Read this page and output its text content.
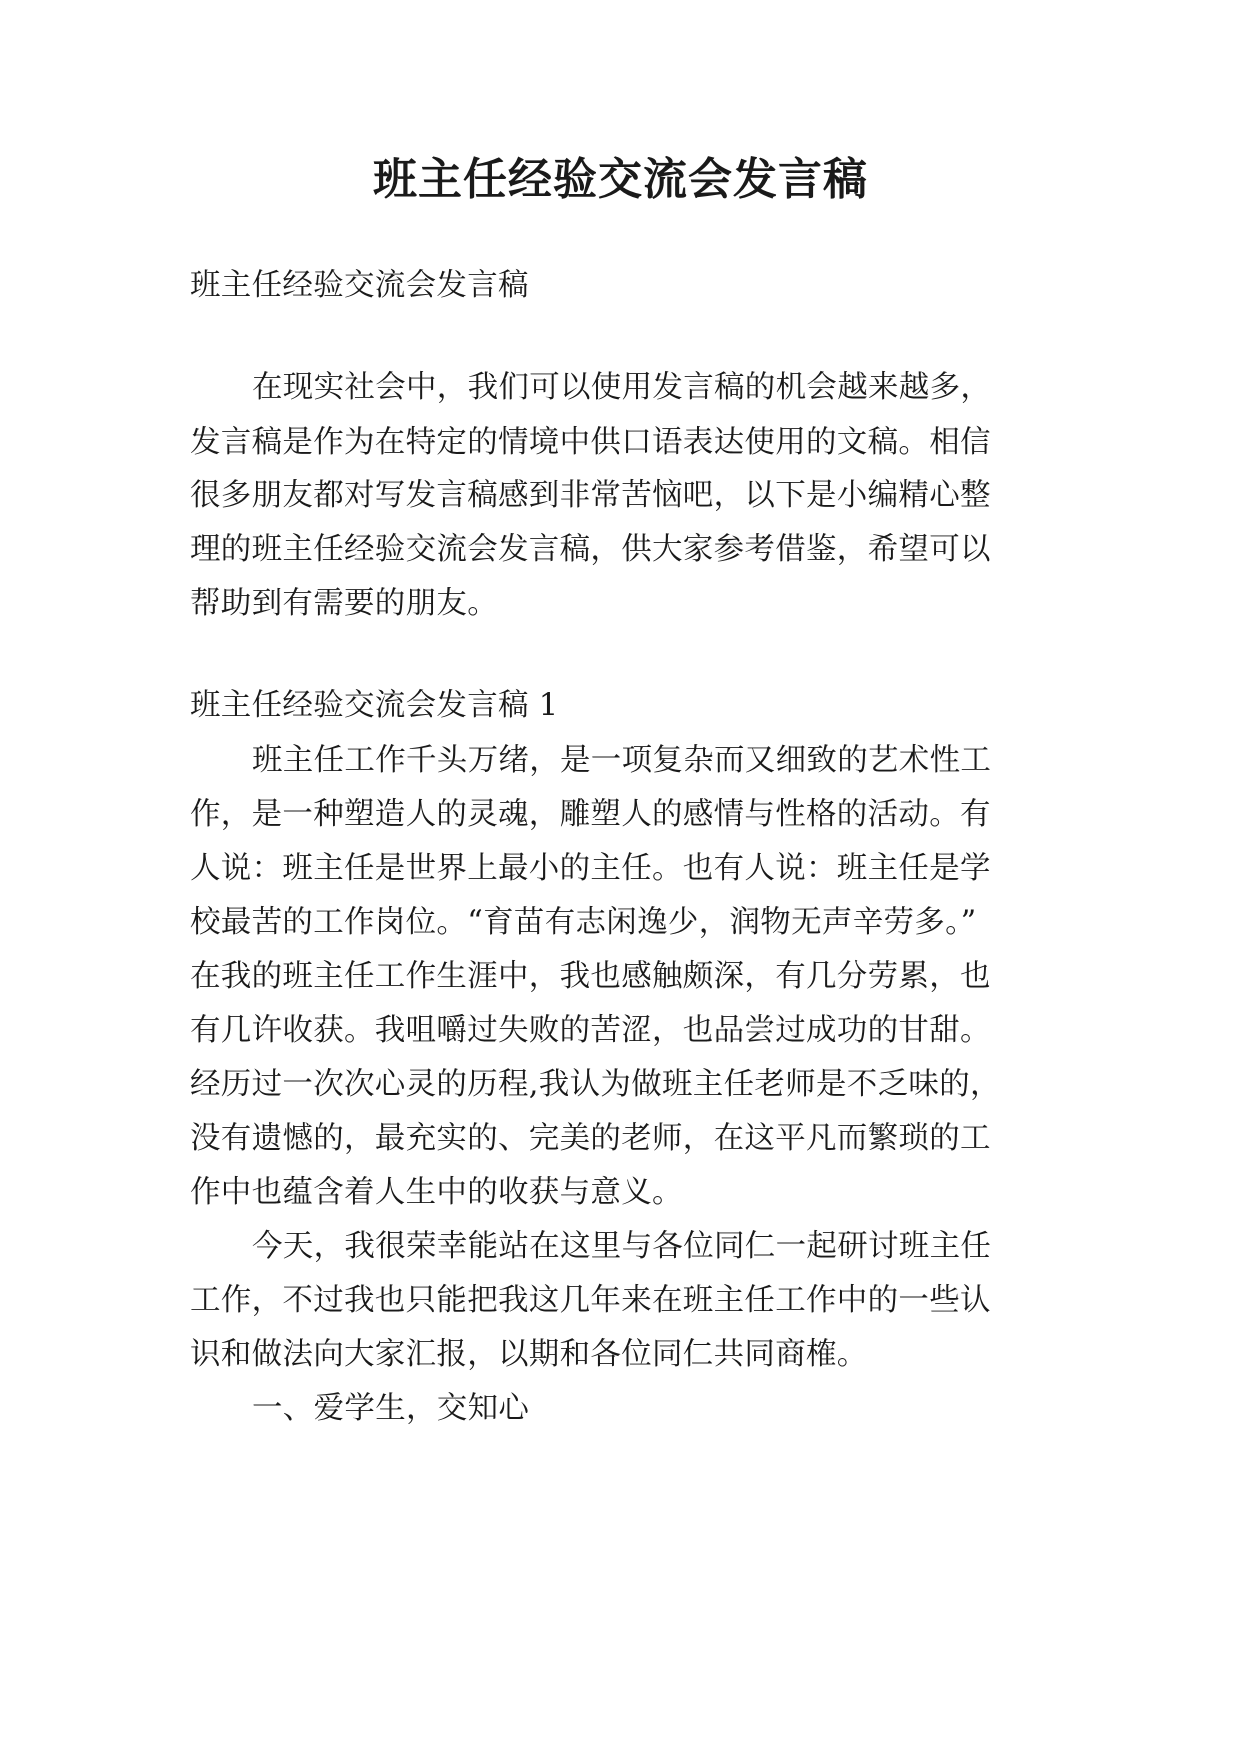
班主任经验交流会发言稿
班主任经验交流会发言稿
在现实社会中，我们可以使用发言稿的机会越来越多，
发言稿是作为在特定的情境中供口语表达使用的文稿。相信
很多朋友都对写发言稿感到非常苦恼吧，以下是小编精心整
理的班主任经验交流会发言稿，供大家参考借鉴，希望可以
帮助到有需要的朋友。
班主任经验交流会发言稿 1
班主任工作千头万绪，是一项复杂而又细致的艺术性工
作，是一种塑造人的灵魂，雕塑人的感情与性格的活动。有
人说：班主任是世界上最小的主任。也有人说：班主任是学
校最苦的工作岗位。“育苗有志闲逸少，润物无声辛劳多。”
在我的班主任工作生涯中，我也感触颇深，有几分劳累，也
有几许收获。我咀嚼过失败的苦涩，也品尝过成功的甘甜。
经历过一次次心灵的历程,我认为做班主任老师是不乏味的，
没有遗憾的，最充实的、完美的老师，在这平凡而繁琐的工
作中也蕴含着人生中的收获与意义。
今天，我很荣幸能站在这里与各位同仁一起研讨班主任
工作，不过我也只能把我这几年来在班主任工作中的一些认
识和做法向大家汇报，以期和各位同仁共同商榷。
一、爱学生，交知心
